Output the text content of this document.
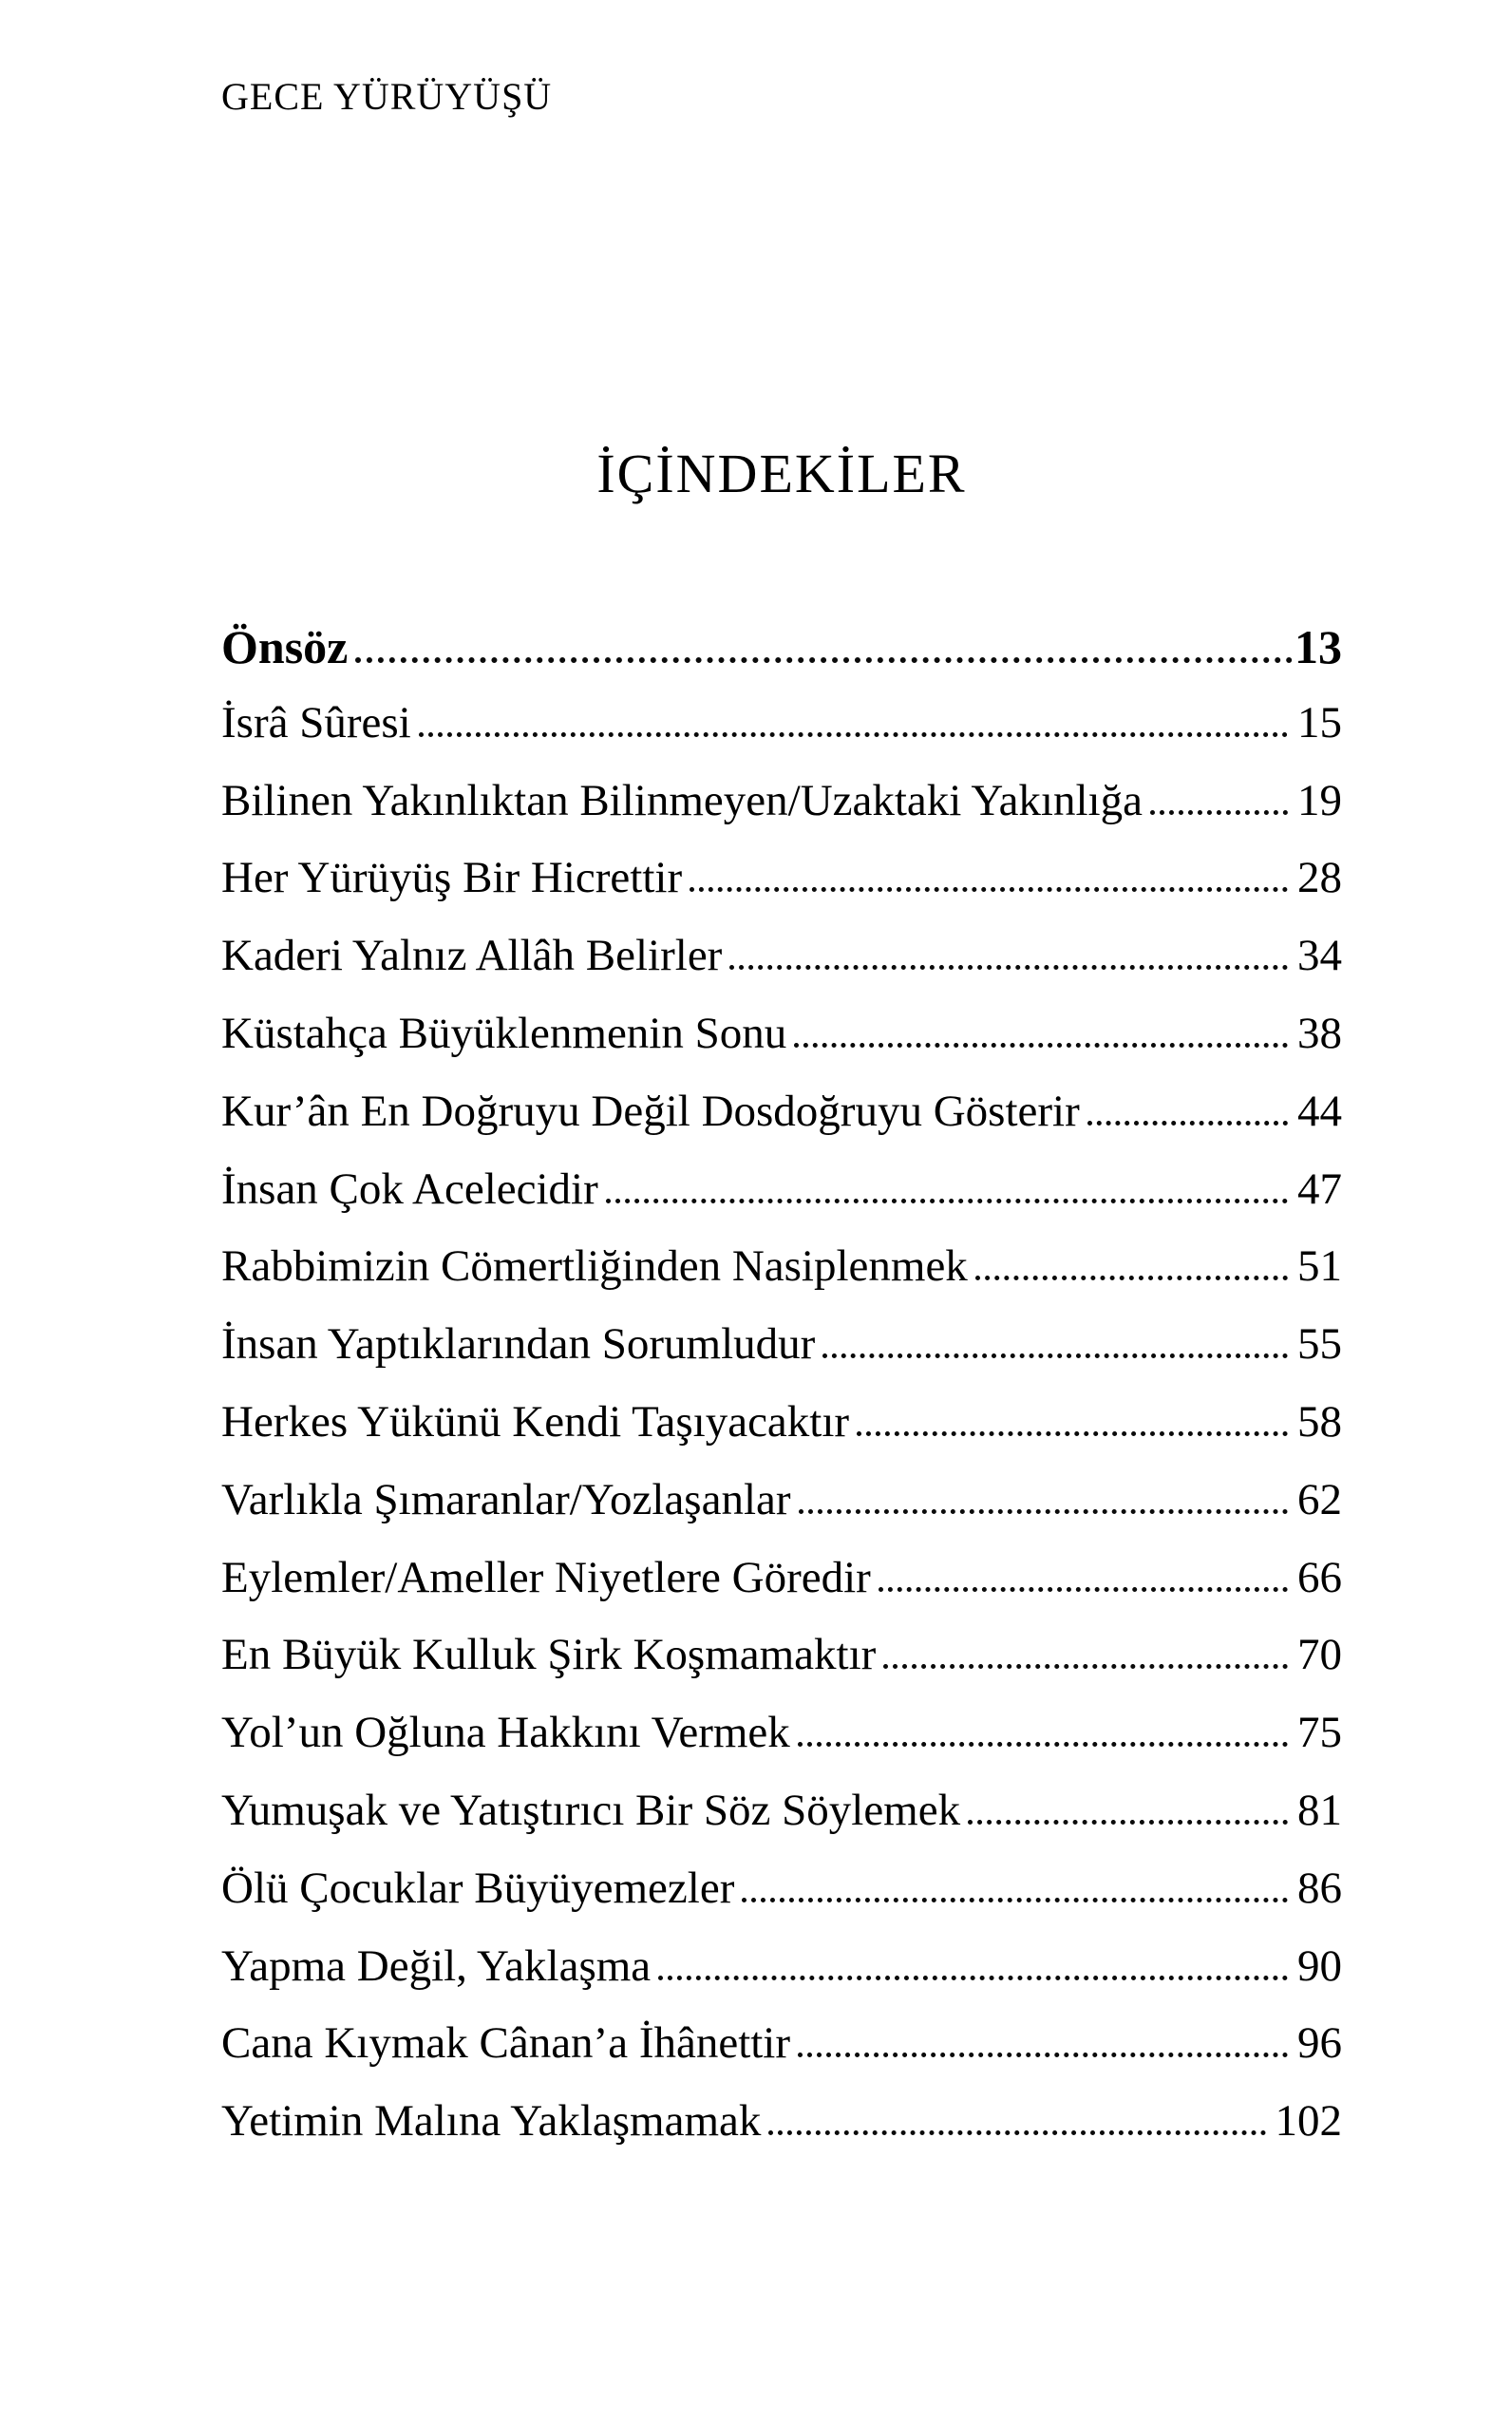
GECE YÜRÜYÜŞÜ
İÇİNDEKİLER
Önsöz	13
İsrâ Sûresi	15
Bilinen Yakınlıktan Bilinmeyen/Uzaktaki Yakınlığa	19
Her Yürüyüş Bir Hicrettir	28
Kaderi Yalnız Allâh Belirler	34
Küstahça Büyüklenmenin Sonu	38
Kur’ân En Doğruyu Değil Dosdoğruyu Gösterir	44
İnsan Çok Acelecidir	47
Rabbimizin Cömertliğinden Nasiplenmek	51
İnsan Yaptıklarından Sorumludur	55
Herkes Yükünü Kendi Taşıyacaktır	58
Varlıkla Şımaranlar/Yozlaşanlar	62
Eylemler/Ameller Niyetlere Göredir	66
En Büyük Kulluk Şirk Koşmamaktır	70
Yol’un Oğluna Hakkını Vermek	75
Yumuşak ve Yatıştırıcı Bir Söz Söylemek	81
Ölü Çocuklar Büyüyemezler	86
Yapma Değil, Yaklaşma	90
Cana Kıymak Cânan’a İhânettir	96
Yetimin Malına Yaklaşmamak	102
